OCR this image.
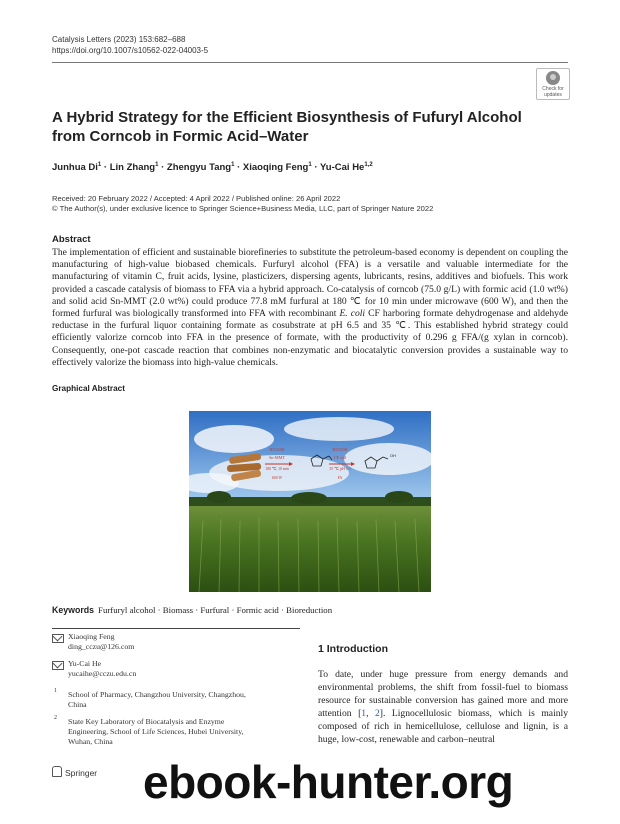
Catalysis Letters (2023) 153:682–688
https://doi.org/10.1007/s10562-022-04003-5
Check for
updates
A Hybrid Strategy for the Efficient Biosynthesis of Fufuryl Alcohol from Corncob in Formic Acid–Water
Junhua $Di^1$ · Lin Zhang$^1$ · Zhengyu Tang$^1$ · Xiaoqing Feng$^1$ · Yu-Cai He$^{1,2}$
Received: 20 February 2022 / Accepted: 4 April 2022 / Published online: 26 April 2022
© The Author(s), under exclusive licence to Springer Science+Business Media, LLC, part of Springer Nature 2022
Abstract

The implementation of efficient and sustainable biorefineries to substitute the petroleum-based economy is dependent on coupling the manufacturing of high-value biobased chemicals. Furfuryl alcohol (FFA) is a versatile and valuable intermediate for the manufacturing of vitamin C, fruit acids, lysine, plasticizers, dispersing agents, lubricants, resins, additives and biofuels. This work provided a cascade catalysis of biomass to FFA via a hybrid approach. Co-catalysis of corncob (75.0 g/L) with formic acid (1.0 wt%) and solid acid Sn-MMT (2.0 wt%) could produce 77.8 mM furfural at 180 ℃ for 10 min under microwave (600 W), and then the formed furfural was biologically transformed into FFA with recombinant E. coli CF harboring formate dehydrogenase and aldehyde reductase in the furfural liquor containing formate as cosubstrate at pH 6.5 and 35 ℃. This established hybrid strategy could efficiently valorize corncob into FFA in the presence of formate, with the productivity of 0.296 g FFA/(g xylan in corncob). Consequently, one-pot cascade reaction that combines non-enzymatic and biocatalytic conversion provides a sustainable way to effectively valorize the biomass into high-value chemicals.

Graphical Abstract
HCOOH
Sn-MMT
180 ℃, 10 min
600 W
HCOOH
CF cell
35 ℃, pH 6.5
FA
OH
Keywords Furfuryl alcohol · Biomass · Furfural · Formic acid · Bioreduction
Xiaoqing Feng
ding_cczu@126.com
Yu-Cai He
yucaihe@cczu.edu.cn
1 School of Pharmacy, Changzhou University, Changzhou,
China
2 State Key Laboratory of Biocatalysis and Enzyme
Engineering, School of Life Sciences, Hubei University,
Wuhan, China
1 Introduction

To date, under huge pressure from energy demands and environmental problems, the shift from fossil-fuel to biomass resource for sustainable conversion has gained more and more attention [1, 2]. Lignocellulosic biomass, which is mainly composed of rich in hemicellulose, cellulose and lignin, is a huge, low-cost, renewable and carbon–neutral

Springer ebook-hunter.org
